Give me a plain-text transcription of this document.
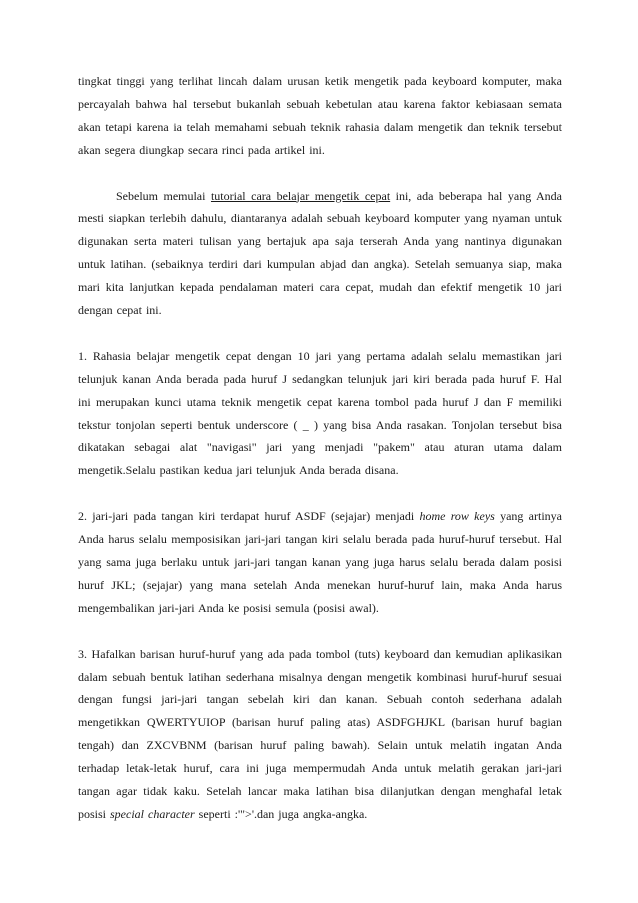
tingkat tinggi yang terlihat lincah dalam urusan ketik mengetik pada keyboard komputer, maka percayalah bahwa hal tersebut bukanlah sebuah kebetulan atau karena faktor kebiasaan semata akan tetapi karena ia telah memahami sebuah teknik rahasia dalam mengetik dan teknik tersebut akan segera diungkap secara rinci pada artikel ini.

Sebelum memulai tutorial cara belajar mengetik cepat ini, ada beberapa hal yang Anda mesti siapkan terlebih dahulu, diantaranya adalah sebuah keyboard komputer yang nyaman untuk digunakan serta materi tulisan yang bertajuk apa saja terserah Anda yang nantinya digunakan untuk latihan. (sebaiknya terdiri dari kumpulan abjad dan angka). Setelah semuanya siap, maka mari kita lanjutkan kepada pendalaman materi cara cepat, mudah dan efektif mengetik 10 jari dengan cepat ini.

1. Rahasia belajar mengetik cepat dengan 10 jari yang pertama adalah selalu memastikan jari telunjuk kanan Anda berada pada huruf J sedangkan telunjuk jari kiri berada pada huruf F. Hal ini merupakan kunci utama teknik mengetik cepat karena tombol pada huruf J dan F memiliki tekstur tonjolan seperti bentuk underscore ( _ ) yang bisa Anda rasakan. Tonjolan tersebut bisa dikatakan sebagai alat "navigasi" jari yang menjadi "pakem" atau aturan utama dalam mengetik.Selalu pastikan kedua jari telunjuk Anda berada disana.

2. jari-jari pada tangan kiri terdapat huruf ASDF (sejajar) menjadi home row keys yang artinya Anda harus selalu memposisikan jari-jari tangan kiri selalu berada pada huruf-huruf tersebut. Hal yang sama juga berlaku untuk jari-jari tangan kanan yang juga harus selalu berada dalam posisi huruf JKL; (sejajar) yang mana setelah Anda menekan huruf-huruf lain, maka Anda harus mengembalikan jari-jari Anda ke posisi semula (posisi awal).

3. Hafalkan barisan huruf-huruf yang ada pada tombol (tuts) keyboard dan kemudian aplikasikan dalam sebuah bentuk latihan sederhana misalnya dengan mengetik kombinasi huruf-huruf sesuai dengan fungsi jari-jari tangan sebelah kiri dan kanan. Sebuah contoh sederhana adalah mengetikkan QWERTYUIOP (barisan huruf paling atas) ASDFGHJKL (barisan huruf bagian tengah) dan ZXCVBNM (barisan huruf paling bawah). Selain untuk melatih ingatan Anda terhadap letak-letak huruf, cara ini juga mempermudah Anda untuk melatih gerakan jari-jari tangan agar tidak kaku. Setelah lancar maka latihan bisa dilanjutkan dengan menghafal letak posisi special character seperti :'">'.dan juga angka-angka.
